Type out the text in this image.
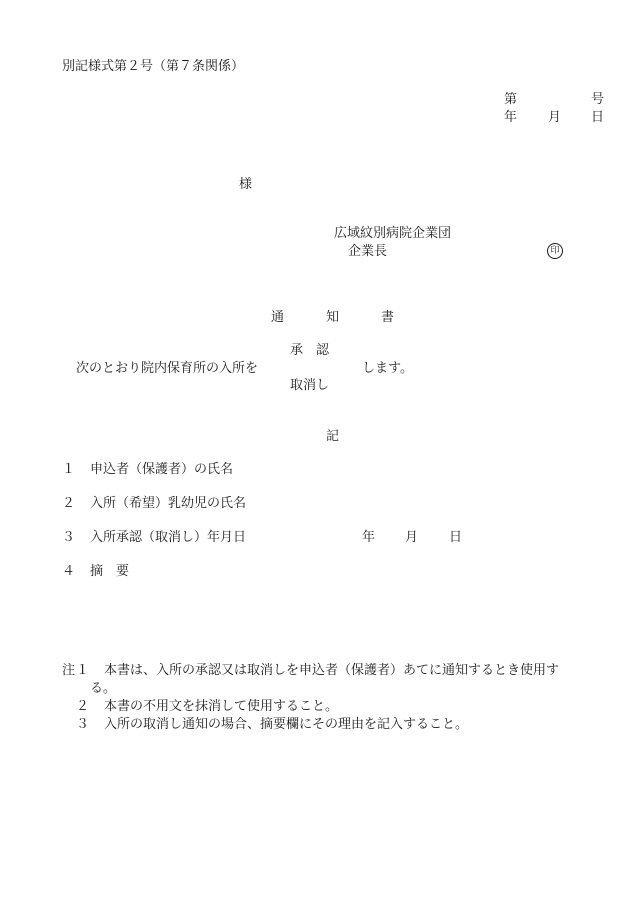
別記様式第２号（第７条関係）
第	号
年 月 日
様
広域紋別病院企業団
企業長	印
通	知	書
承　認
次のとおり院内保育所の入所を	します。
取消し
記
１ 申込者（保護者）の氏名
２ 入所（希望）乳幼児の氏名
３ 入所承認（取消し）年月日	年 月 日
４ 摘　要
注 １ 本書は、入所の承認又は取消しを申込者（保護者）あてに通知するとき使用す
る。
２ 本書の不用文を抹消して使用すること。
３ 入所の取消し通知の場合、摘要欄にその理由を記入すること。
